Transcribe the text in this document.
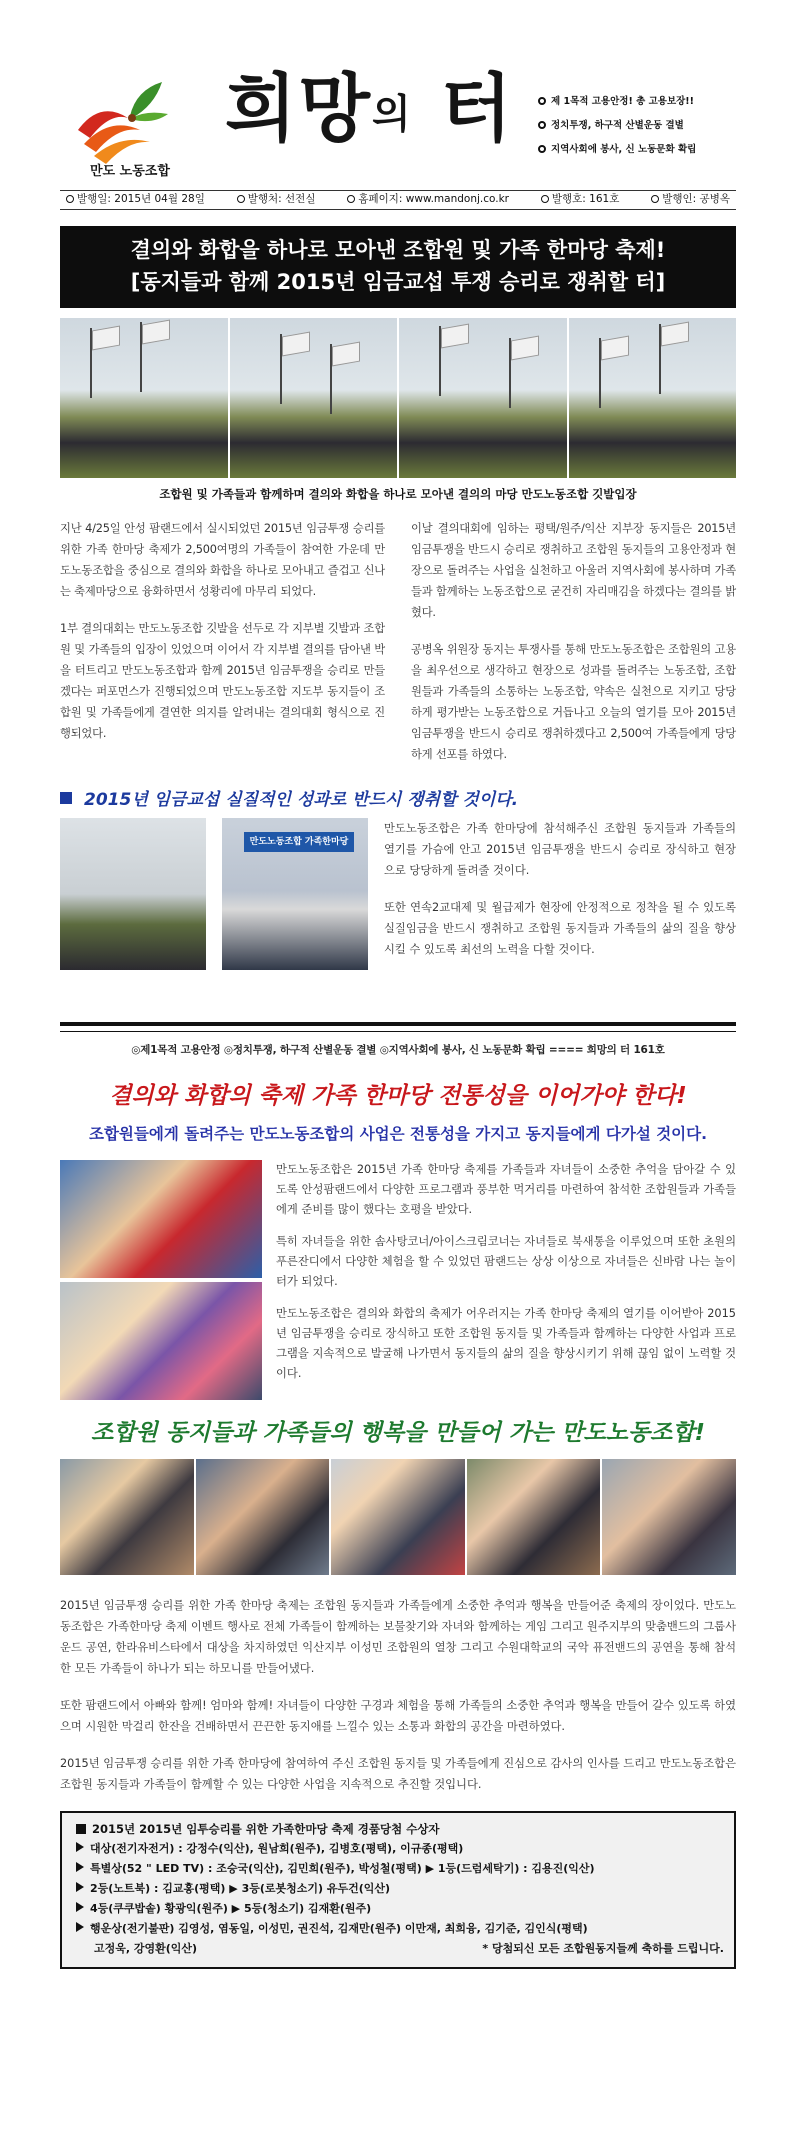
만도 노동조합
희망의 터	제 1목적 고용안정! 총 고용보장!!
정치투쟁, 하구적 산별운동 결별
지역사회에 봉사, 신 노동문화 확립
발행일: 2015년 04월 28일	발행처: 선전실	홈페이지: www.mandonj.co.kr	발행호: 161호	발행인: 공병옥
결의와 화합을 하나로 모아낸 조합원 및 가족 한마당 축제!
[동지들과 함께 2015년 임금교섭 투쟁 승리로 쟁취할 터]
조합원 및 가족들과 함께하며 결의와 화합을 하나로 모아낸 결의의 마당 만도노동조합 깃발입장

지난 4/25일 안성 팜랜드에서 실시되었던 2015년 임금투쟁 승리를 위한 가족 한마당 축제가 2,500여명의 가족들이 참여한 가운데 만도노동조합을 중심으로 결의와 화합을 하나로 모아내고 즐겁고 신나는 축제마당으로 융화하면서 성황리에 마무리 되었다.

1부 결의대회는 만도노동조합 깃발을 선두로 각 지부별 깃발과 조합원 및 가족들의 입장이 있었으며 이어서 각 지부별 결의를 담아낸 박을 터트리고 만도노동조합과 함께 2015년 임금투쟁을 승리로 만들겠다는 퍼포먼스가 진행되었으며 만도노동조합 지도부 동지들이 조합원 및 가족들에게 결연한 의지를 알려내는 결의대회 형식으로 진행되었다.

이날 결의대회에 임하는 평택/원주/익산 지부장 동지들은 2015년 임금투쟁을 반드시 승리로 쟁취하고 조합원 동지들의 고용안정과 현장으로 돌려주는 사업을 실천하고 아울러 지역사회에 봉사하며 가족들과 함께하는 노동조합으로 굳건히 자리매김을 하겠다는 결의를 밝혔다.

공병옥 위원장 동지는 투쟁사를 통해 만도노동조합은 조합원의 고용을 최우선으로 생각하고 현장으로 성과를 돌려주는 노동조합, 조합원들과 가족들의 소통하는 노동조합, 약속은 실천으로 지키고 당당하게 평가받는 노동조합으로 거듭나고 오늘의 열기를 모아 2015년 임금투쟁을 반드시 승리로 쟁취하겠다고 2,500여 가족들에게 당당하게 선포를 하였다.

2015년 임금교섭 실질적인 성과로 반드시 쟁취할 것이다.
만도노동조합 가족한마당

만도노동조합은 가족 한마당에 참석해주신 조합원 동지들과 가족들의 열기를 가슴에 안고 2015년 임금투쟁을 반드시 승리로 장식하고 현장으로 당당하게 돌려줄 것이다.

또한 연속2교대제 및 월급제가 현장에 안정적으로 정착을 될 수 있도록 실질임금을 반드시 쟁취하고 조합원 동지들과 가족들의 삶의 질을 향상시킬 수 있도록 최선의 노력을 다할 것이다.

◎제1목적 고용안정 ◎정치투쟁, 하구적 산별운동 결별 ◎지역사회에 봉사, 신 노동문화 확립 ==== 희망의 터 161호
결의와 화합의 축제 가족 한마당 전통성을 이어가야 한다!
조합원들에게 돌려주는 만도노동조합의 사업은 전통성을 가지고 동지들에게 다가설 것이다.

만도노동조합은 2015년 가족 한마당 축제를 가족들과 자녀들이 소중한 추억을 담아갈 수 있도록 안성팜랜드에서 다양한 프로그램과 풍부한 먹거리를 마련하여 참석한 조합원들과 가족들에게 준비를 많이 했다는 호평을 받았다.

특히 자녀들을 위한 솜사탕코너/아이스크림코너는 자녀들로 북새통을 이루었으며 또한 초원의 푸른잔디에서 다양한 체험을 할 수 있었던 팜랜드는 상상 이상으로 자녀들은 신바람 나는 놀이터가 되었다.

만도노동조합은 결의와 화합의 축제가 어우러지는 가족 한마당 축제의 열기를 이어받아 2015년 임금투쟁을 승리로 장식하고 또한 조합원 동지들 및 가족들과 함께하는 다양한 사업과 프로그램을 지속적으로 발굴해 나가면서 동지들의 삶의 질을 향상시키기 위해 끊임 없이 노력할 것이다.

조합원 동지들과 가족들의 행복을 만들어 가는 만도노동조합!

2015년 임금투쟁 승리를 위한 가족 한마당 축제는 조합원 동지들과 가족들에게 소중한 추억과 행복을 만들어준 축제의 장이었다. 만도노동조합은 가족한마당 축제 이벤트 행사로 전체 가족들이 함께하는 보물찾기와 자녀와 함께하는 게임 그리고 원주지부의 맞춤밴드의 그룹사운드 공연, 한라유비스타에서 대상을 차지하였던 익산지부 이성민 조합원의 열창 그리고 수원대학교의 국악 퓨전밴드의 공연을 통해 참석한 모든 가족들이 하나가 되는 하모니를 만들어냈다.

또한 팜랜드에서 아빠와 함께! 엄마와 함께! 자녀들이 다양한 구경과 체험을 통해 가족들의 소중한 추억과 행복을 만들어 갈수 있도록 하였으며 시원한 막걸리 한잔을 건배하면서 끈끈한 동지애를 느낄수 있는 소통과 화합의 공간을 마련하였다.

2015년 임금투쟁 승리를 위한 가족 한마당에 참여하여 주신 조합원 동지들 및 가족들에게 진심으로 감사의 인사를 드리고 만도노동조합은 조합원 동지들과 가족들이 함께할 수 있는 다양한 사업을 지속적으로 추진할 것입니다.

2015년 2015년 임투승리를 위한 가족한마당 축제 경품당첨 수상자
대상(전기자전거) : 강정수(익산), 원남희(원주), 김병호(평택), 이규종(평택)
특별상(52 " LED TV) : 조승국(익산), 김민희(원주), 박성철(평택) ▶ 1등(드럼세탁기) : 김용진(익산)
2등(노트북) : 김교홍(평택) ▶ 3등(로봇청소기) 유두건(익산)
4등(쿠쿠밥솥) 황광익(원주) ▶ 5등(청소기) 김재환(원주)
행운상(전기불판) 김영성, 염동일, 이성민, 권진석, 김재만(원주) 이만재, 최희융, 김기준, 김인식(평택)
고정욱, 강영환(익산)	* 당첨되신 모든 조합원동지들께 축하를 드립니다.
